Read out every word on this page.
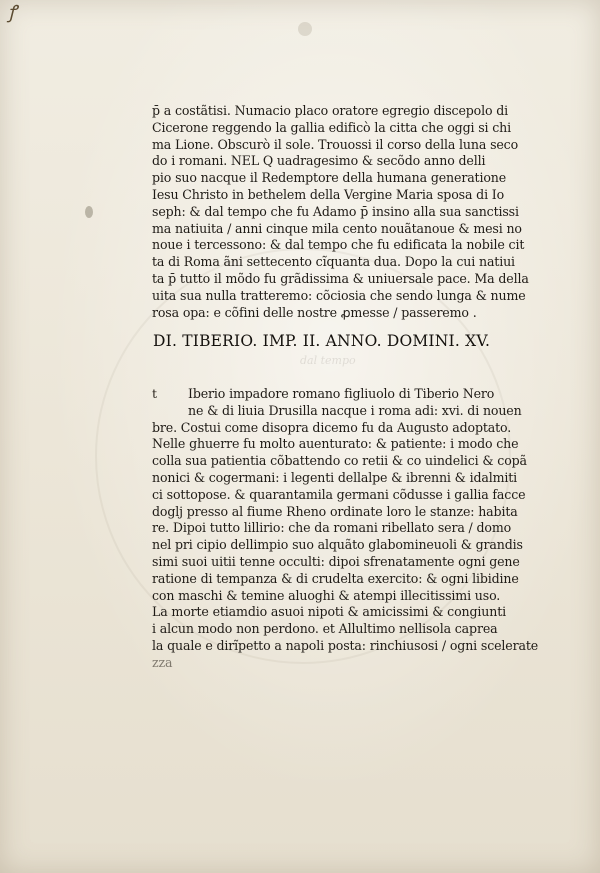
ꝭ
p̄ a costãtisi. Numacio placo oratore egregio discepolo di
Cicerone reggendo la gallia edificò la citta che oggi si chi
ma Lione. Obscurò il sole. Trouossi il corso della luna seco
do i romani. NEL Q uadragesimo & secõdo anno delli
pio suo nacque il Redemptore della humana generatione
Iesu Christo in bethelem della Vergine Maria sposa di Io
seph: & dal tempo che fu Adamo p̄ insino alla sua sanctissi
ma natiuita / anni cinque mila cento nouãtanoue & mesi no
noue i tercessono: & dal tempo che fu edificata la nobile cit
ta di Roma ãni settecento cĩquanta dua. Dopo la cui natiui
ta p̄ tutto il mõdo fu grãdissima & uniuersale pace. Ma della
uita sua nulla tratteremo: cõciosia che sendo lunga & nume
rosa opa: e cõfini delle nostre ꝓmesse / passeremo .
dal tempo
DI. TIBERIO. IMP. II. ANNO. DOMINI. XV.
t	Iberio impadore romano figliuolo di Tiberio Nero
ne & di liuia Drusilla nacque i roma adi: xvi. di nouen
bre. Costui come disopra dicemo fu da Augusto adoptato.
Nelle ghuerre fu molto auenturato: & patiente: i modo che
colla sua patientia cõbattendo co retii & co uindelici & copã
nonici & cogermani: i legenti dellalpe & ibrenni & idalmiti
ci sottopose. & quarantamila germani cõdusse i gallia facce
doglj presso al fiume Rheno ordinate loro le stanze: habita
re. Dipoi tutto lillirio: che da romani ribellato sera / domo
nel pri cipio dellimpio suo alquãto glabomineuoli & grandis
simi suoi uitii tenne occulti: dipoi sfrenatamente ogni gene
ratione di tempanza & di crudelta exercito: & ogni libidine
con maschi & temine aluoghi & atempi illecitissimi uso.
La morte etiamdio asuoi nipoti & amicissimi & congiunti
i alcun modo non perdono. et Allultimo nellisola caprea
la quale e dirĩpetto a napoli posta: rinchiusosi / ogni scelerate
zza
